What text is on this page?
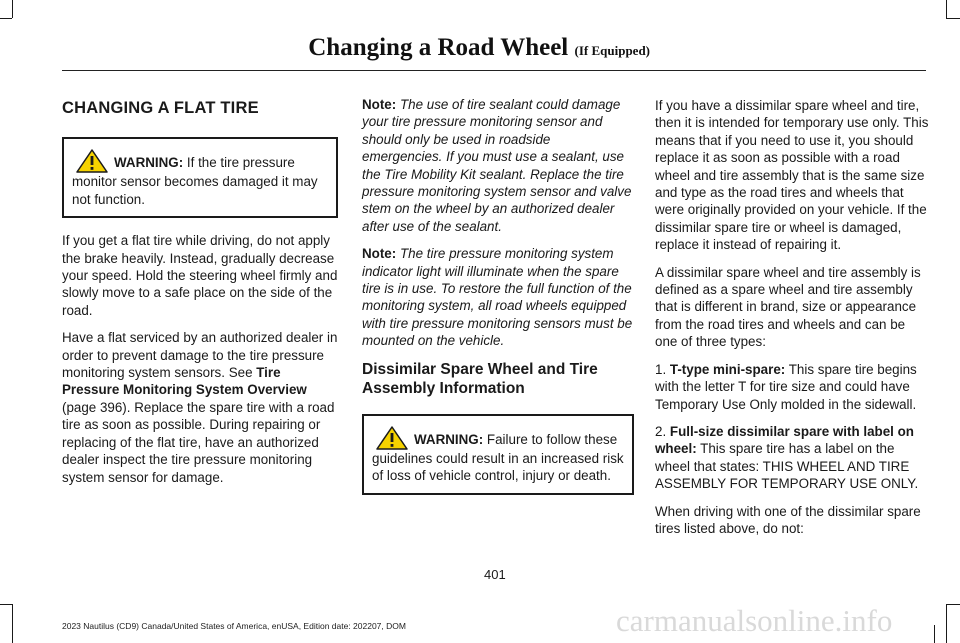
Changing a Road Wheel (If Equipped)
CHANGING A FLAT TIRE
WARNING: If the tire pressure monitor sensor becomes damaged it may not function.

If you get a flat tire while driving, do not apply the brake heavily. Instead, gradually decrease your speed. Hold the steering wheel firmly and slowly move to a safe place on the side of the road.

Have a flat serviced by an authorized dealer in order to prevent damage to the tire pressure monitoring system sensors. See Tire Pressure Monitoring System Overview (page 396). Replace the spare tire with a road tire as soon as possible. During repairing or replacing of the flat tire, have an authorized dealer inspect the tire pressure monitoring system sensor for damage.

Note: The use of tire sealant could damage your tire pressure monitoring sensor and should only be used in roadside emergencies. If you must use a sealant, use the Tire Mobility Kit sealant. Replace the tire pressure monitoring system sensor and valve stem on the wheel by an authorized dealer after use of the sealant.

Note: The tire pressure monitoring system indicator light will illuminate when the spare tire is in use. To restore the full function of the monitoring system, all road wheels equipped with tire pressure monitoring sensors must be mounted on the vehicle.

Dissimilar Spare Wheel and Tire Assembly Information
WARNING: Failure to follow these guidelines could result in an increased risk of loss of vehicle control, injury or death.

If you have a dissimilar spare wheel and tire, then it is intended for temporary use only. This means that if you need to use it, you should replace it as soon as possible with a road wheel and tire assembly that is the same size and type as the road tires and wheels that were originally provided on your vehicle. If the dissimilar spare tire or wheel is damaged, replace it instead of repairing it.

A dissimilar spare wheel and tire assembly is defined as a spare wheel and tire assembly that is different in brand, size or appearance from the road tires and wheels and can be one of three types:

1. T-type mini-spare: This spare tire begins with the letter T for tire size and could have Temporary Use Only molded in the sidewall.

2. Full-size dissimilar spare with label on wheel: This spare tire has a label on the wheel that states: THIS WHEEL AND TIRE ASSEMBLY FOR TEMPORARY USE ONLY.

When driving with one of the dissimilar spare tires listed above, do not:

401
2023 Nautilus (CD9) Canada/United States of America, enUSA, Edition date: 202207, DOM	carmanualsonline.info
